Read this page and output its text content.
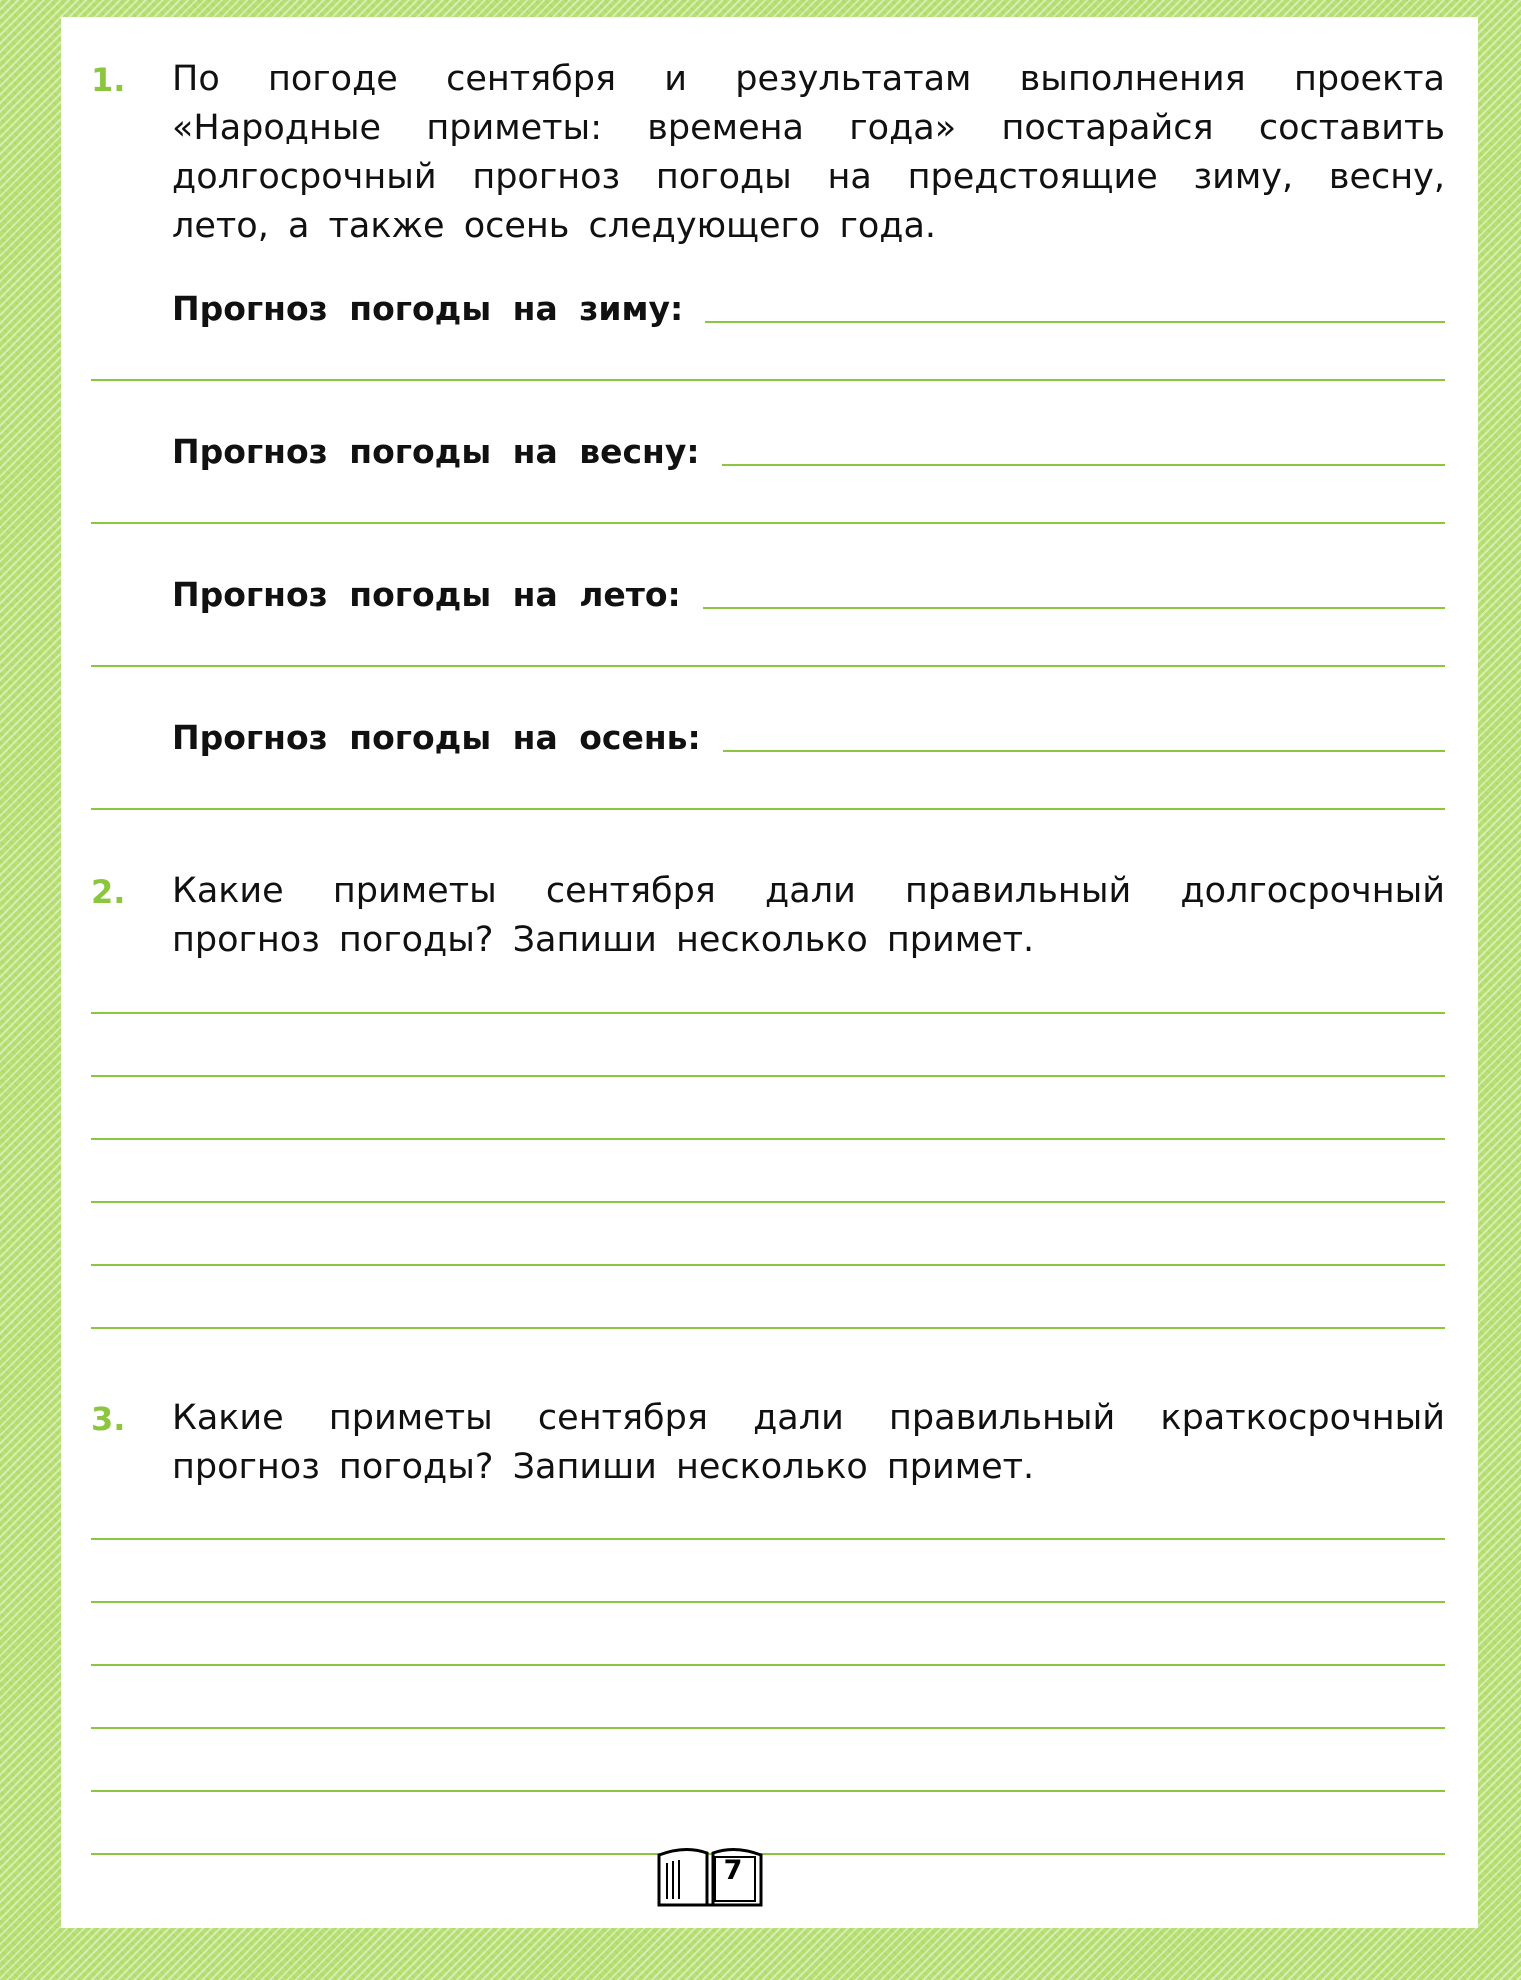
1. По погоде сентября и результатам выполнения проекта «Народные приметы: времена года» постарайся составить долгосрочный прогноз погоды на предстоящие зиму, весну, лето, а также осень следующего года.

Прогноз погоды на зиму:
Прогноз погоды на весну:
Прогноз погоды на лето:
Прогноз погоды на осень:
2. Какие приметы сентября дали правильный долгосрочный прогноз погоды? Запиши несколько примет.

3. Какие приметы сентября дали правильный краткосрочный прогноз погоды? Запиши несколько примет.

7
